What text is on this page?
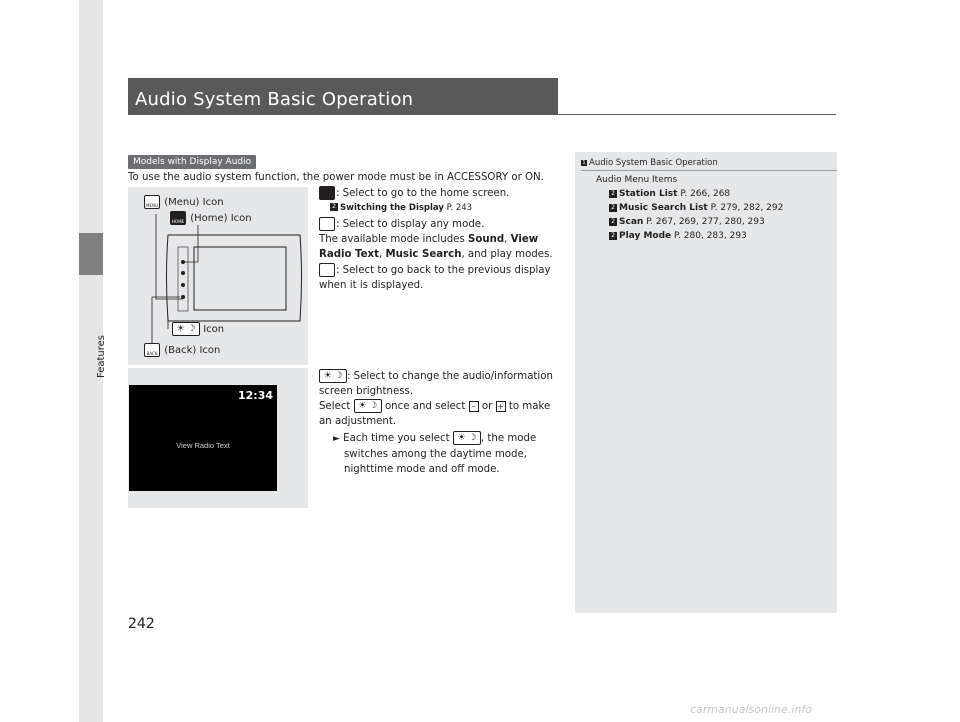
Features
Audio System Basic Operation
Models with Display Audio
To use the audio system function, the power mode must be in ACCESSORY or ON.
MENU (Menu) Icon
HOME (Home) Icon
☀ ☽ Icon
BACK (Back) Icon
: Select to go to the home screen.
2 Switching the Display P. 243
: Select to display any mode.
The available mode includes Sound, View Radio Text, Music Search, and play modes.
: Select to go back to the previous display
when it is displayed.
12:34
View Radio Text
☀ ☽ : Select to change the audio/information
screen brightness.
Select ☀ ☽ once and select – or + to make
an adjustment.
► Each time you select ☀ ☽ , the mode
switches among the daytime mode,
nighttime mode and off mode.
1 Audio System Basic Operation
Audio Menu Items
2 Station List P. 266, 268
2 Music Search List P. 279, 282, 292
2 Scan P. 267, 269, 277, 280, 293
2 Play Mode P. 280, 283, 293
242
carmanualsonline.info
